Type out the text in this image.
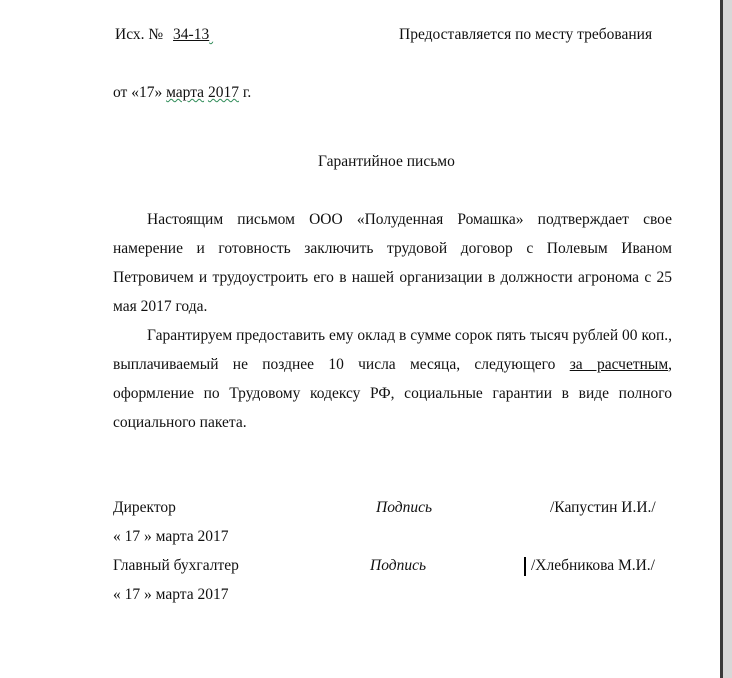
Исх. № 34-13	Предоставляется по месту требования
от «17» марта 2017 г.
Гарантийное письмо
Настоящим письмом ООО «Полуденная Ромашка» подтверждает свое намерение и готовность заключить трудовой договор с Полевым Иваном Петровичем и трудоустроить его в нашей организации в должности агронома с 25 мая 2017 года.
Гарантируем предоставить ему оклад в сумме сорок пять тысяч рублей 00 коп., выплачиваемый не позднее 10 числа месяца, следующего за расчетным, оформление по Трудовому кодексу РФ, социальные гарантии в виде полного социального пакета.
Директор	Подпись	/Капустин И.И./
« 17 » марта 2017
Главный бухгалтер	Подпись	/Хлебникова М.И./
« 17 » марта 2017
